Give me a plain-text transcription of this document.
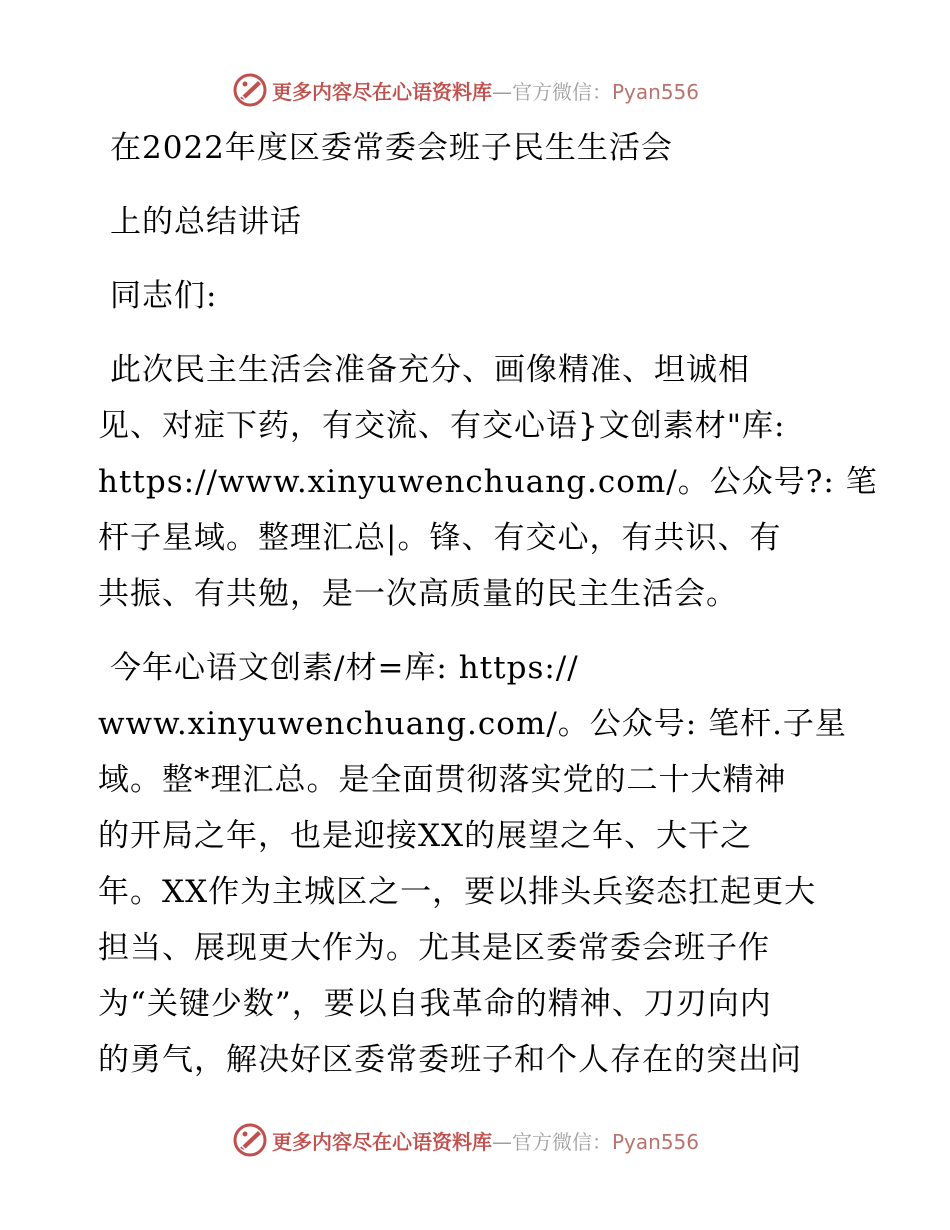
更多内容尽在心语资料库—官方微信：Pyan556
在2022年度区委常委会班子民生生活会
上的总结讲话
同志们:
此次民主生活会准备充分、画像精准、坦诚相
见、对症下药，有交流、有交心语}文创素材"库:
https://www.xinyuwenchuang.com/。公众号?: 笔
杆子星域。整理汇总|。锋、有交心，有共识、有
共振、有共勉，是一次高质量的民主生活会。
今年心语文创素/材=库: https://
www.xinyuwenchuang.com/。公众号: 笔杆.子星
域。整*理汇总。是全面贯彻落实党的二十大精神
的开局之年，也是迎接XX的展望之年、大干之
年。XX作为主城区之一，要以排头兵姿态扛起更大
担当、展现更大作为。尤其是区委常委会班子作
为“关键少数”，要以自我革命的精神、刀刃向内
的勇气，解决好区委常委班子和个人存在的突出问
更多内容尽在心语资料库—官方微信：Pyan556
